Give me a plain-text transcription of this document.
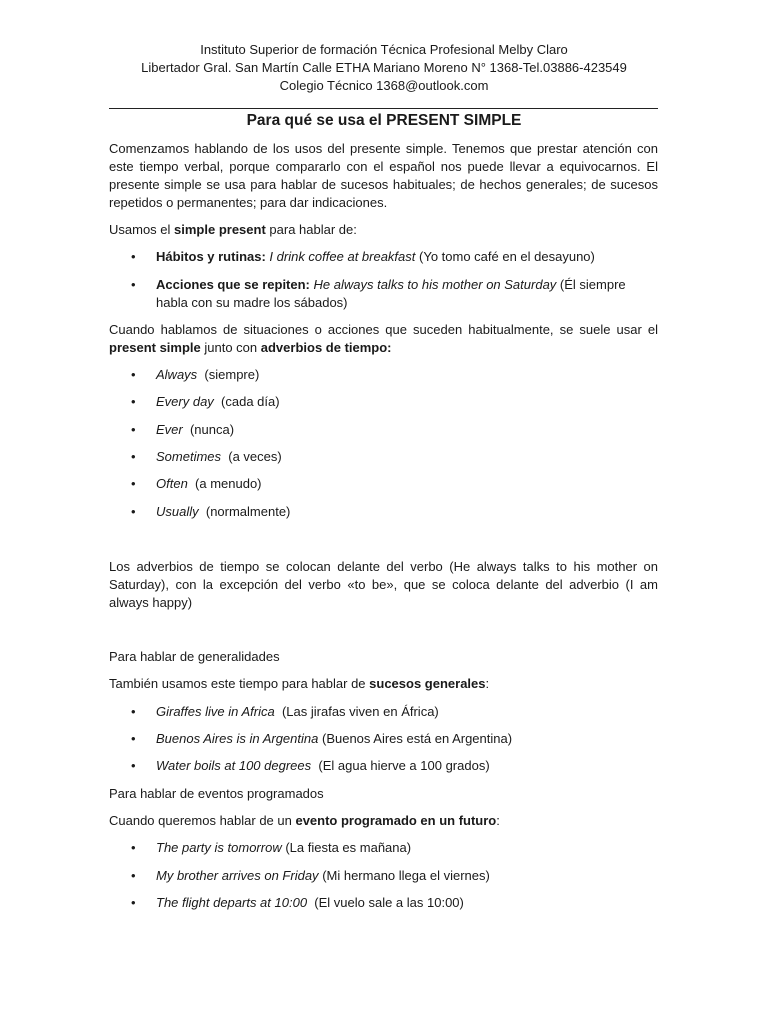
Instituto Superior de formación Técnica Profesional Melby Claro
Libertador Gral. San Martín Calle ETHA Mariano Moreno N° 1368-Tel.03886-423549
Colegio Técnico 1368@outlook.com
Para qué se usa el PRESENT SIMPLE

Comenzamos hablando de los usos del presente simple. Tenemos que prestar atención con este tiempo verbal, porque compararlo con el español nos puede llevar a equivocarnos. El presente simple se usa para hablar de sucesos habituales; de hechos generales; de sucesos repetidos o permanentes; para dar indicaciones.

Usamos el simple present para hablar de:

• Hábitos y rutinas: I drink coffee at breakfast (Yo tomo café en el desayuno)
• Acciones que se repiten: He always talks to his mother on Saturday (Él siempre habla con su madre los sábados)

Cuando hablamos de situaciones o acciones que suceden habitualmente, se suele usar el present simple junto con adverbios de tiempo:

• Always (siempre)
• Every day (cada día)
• Ever (nunca)
• Sometimes (a veces)
• Often (a menudo)
• Usually (normalmente)

Los adverbios de tiempo se colocan delante del verbo (He always talks to his mother on Saturday), con la excepción del verbo «to be», que se coloca delante del adverbio (I am always happy)

Para hablar de generalidades

También usamos este tiempo para hablar de sucesos generales:

• Giraffes live in Africa (Las jirafas viven en África)
• Buenos Aires is in Argentina (Buenos Aires está en Argentina)
• Water boils at 100 degrees (El agua hierve a 100 grados)

Para hablar de eventos programados

Cuando queremos hablar de un evento programado en un futuro:

• The party is tomorrow (La fiesta es mañana)
• My brother arrives on Friday (Mi hermano llega el viernes)
• The flight departs at 10:00 (El vuelo sale a las 10:00)
